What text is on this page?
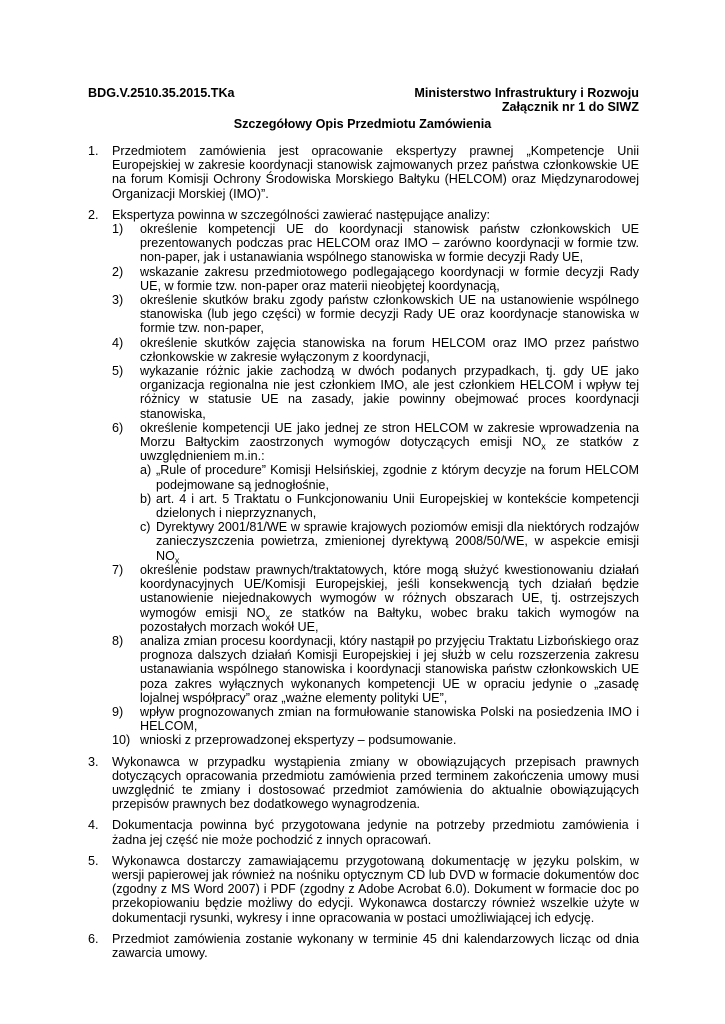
BDG.V.2510.35.2015.TKa	Ministerstwo Infrastruktury i Rozwoju
Załącznik nr 1 do SIWZ
Szczegółowy Opis Przedmiotu Zamówienia
1.	Przedmiotem zamówienia jest opracowanie ekspertyzy prawnej „Kompetencje Unii Europejskiej w zakresie koordynacji stanowisk zajmowanych przez państwa członkowskie UE na forum Komisji Ochrony Środowiska Morskiego Bałtyku (HELCOM) oraz Międzynarodowej Organizacji Morskiej (IMO)”.
2.	Ekspertyza powinna w szczególności zawierać następujące analizy:
1)	określenie kompetencji UE do koordynacji stanowisk państw członkowskich UE prezentowanych podczas prac HELCOM oraz IMO – zarówno koordynacji w formie tzw. non-paper, jak i ustanawiania wspólnego stanowiska w formie decyzji Rady UE,
2)	wskazanie zakresu przedmiotowego podlegającego koordynacji w formie decyzji Rady UE, w formie tzw. non-paper oraz materii nieobjętej koordynacją,
3)	określenie skutków braku zgody państw członkowskich UE na ustanowienie wspólnego stanowiska (lub jego części) w formie decyzji Rady UE oraz koordynacje stanowiska w formie tzw. non-paper,
4)	określenie skutków zajęcia stanowiska na forum HELCOM oraz IMO przez państwo członkowskie w zakresie wyłączonym z koordynacji,
5)	wykazanie różnic jakie zachodzą w dwóch podanych przypadkach, tj. gdy UE jako organizacja regionalna nie jest członkiem IMO, ale jest członkiem HELCOM i wpływ tej różnicy w statusie UE na zasady, jakie powinny obejmować proces koordynacji stanowiska,
6)	określenie kompetencji UE jako jednej ze stron HELCOM w zakresie wprowadzenia na Morzu Bałtyckim zaostrzonych wymogów dotyczących emisji $NO_x$ ze statków z uwzględnieniem m.in.:
a) „Rule of procedure” Komisji Helsińskiej, zgodnie z którym decyzje na forum HELCOM podejmowane są jednogłośnie,
b) art. 4 i art. 5 Traktatu o Funkcjonowaniu Unii Europejskiej w kontekście kompetencji dzielonych i nieprzyznanych,
c) Dyrektywy 2001/81/WE w sprawie krajowych poziomów emisji dla niektórych rodzajów zanieczyszczenia powietrza, zmienionej dyrektywą 2008/50/WE, w aspekcie emisji $NO_x$
7)	określenie podstaw prawnych/traktatowych, które mogą służyć kwestionowaniu działań koordynacyjnych UE/Komisji Europejskiej, jeśli konsekwencją tych działań będzie ustanowienie niejednakowych wymogów w różnych obszarach UE, tj. ostrzejszych wymogów emisji $NO_x$ ze statków na Bałtyku, wobec braku takich wymogów na pozostałych morzach wokół UE,
8)	analiza zmian procesu koordynacji, który nastąpił po przyjęciu Traktatu Lizbońskiego oraz prognoza dalszych działań Komisji Europejskiej i jej służb w celu rozszerzenia zakresu ustanawiania wspólnego stanowiska i koordynacji stanowiska państw członkowskich UE poza zakres wyłącznych wykonanych kompetencji UE w opraciu jedynie o „zasadę lojalnej współpracy” oraz „ważne elementy polityki UE”,
9)	wpływ prognozowanych zmian na formułowanie stanowiska Polski na posiedzenia IMO i HELCOM,
10) wnioski z przeprowadzonej ekspertyzy – podsumowanie.
3.	Wykonawca w przypadku wystąpienia zmiany w obowiązujących przepisach prawnych dotyczących opracowania przedmiotu zamówienia przed terminem zakończenia umowy musi uwzględnić te zmiany i dostosować przedmiot zamówienia do aktualnie obowiązujących przepisów prawnych bez dodatkowego wynagrodzenia.
4.	Dokumentacja powinna być przygotowana jedynie na potrzeby przedmiotu zamówienia i żadna jej część nie może pochodzić z innych opracowań.
5.	Wykonawca dostarczy zamawiającemu przygotowaną dokumentację w języku polskim, w wersji papierowej jak również na nośniku optycznym CD lub DVD w formacie dokumentów doc (zgodny z MS Word 2007) i PDF (zgodny z Adobe Acrobat 6.0). Dokument w formacie doc po przekopiowaniu będzie możliwy do edycji. Wykonawca dostarczy również wszelkie użyte w dokumentacji rysunki, wykresy i inne opracowania w postaci umożliwiającej ich edycję.
6.	Przedmiot zamówienia zostanie wykonany w terminie 45 dni kalendarzowych licząc od dnia zawarcia umowy.
